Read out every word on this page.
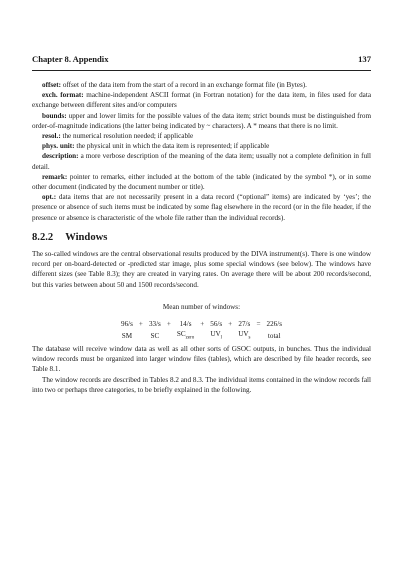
Chapter 8. Appendix	137

offset: offset of the data item from the start of a record in an exchange format file (in Bytes).

exch. format: machine-independent ASCII format (in Fortran notation) for the data item, in files used for data exchange between different sites and/or computers

bounds: upper and lower limits for the possible values of the data item; strict bounds must be distinguished from order-of-magnitude indications (the latter being indicated by ~ characters). A * means that there is no limit.

resol.: the numerical resolution needed; if applicable

phys. unit: the physical unit in which the data item is represented; if applicable

description: a more verbose description of the meaning of the data item; usually not a complete definition in full detail.

remark: pointer to remarks, either included at the bottom of the table (indicated by the symbol *), or in some other document (indicated by the document number or title).

opt.: data items that are not necessarily present in a data record (“optional” items) are indicated by ‘yes’; the presence or absence of such items must be indicated by some flag elsewhere in the record (or in the file header, if the presence or absence is characteristic of the whole file rather than the individual records).

8.2.2 Windows

The so-called windows are the central observational results produced by the DIVA instrument(s). There is one window record per on-board-detected or -predicted star image, plus some special windows (see below). The windows have different sizes (see Table 8.3); they are created in varying rates. On average there will be about 200 records/second, but this varies between about 50 and 1500 records/second.

Mean number of windows:
96/s	+	33/s	+	14/s	+	56/s	+	27/s	=	226/s
SM		SC		$SC_{zero}$		$UV_l$		$UV_s$		total

The database will receive window data as well as all other sorts of GSOC outputs, in bunches. Thus the individual window records must be organized into larger window files (tables), which are described by file header records, see Table 8.1.

The window records are described in Tables 8.2 and 8.3. The individual items contained in the window records fall into two or perhaps three categories, to be briefly explained in the following.
